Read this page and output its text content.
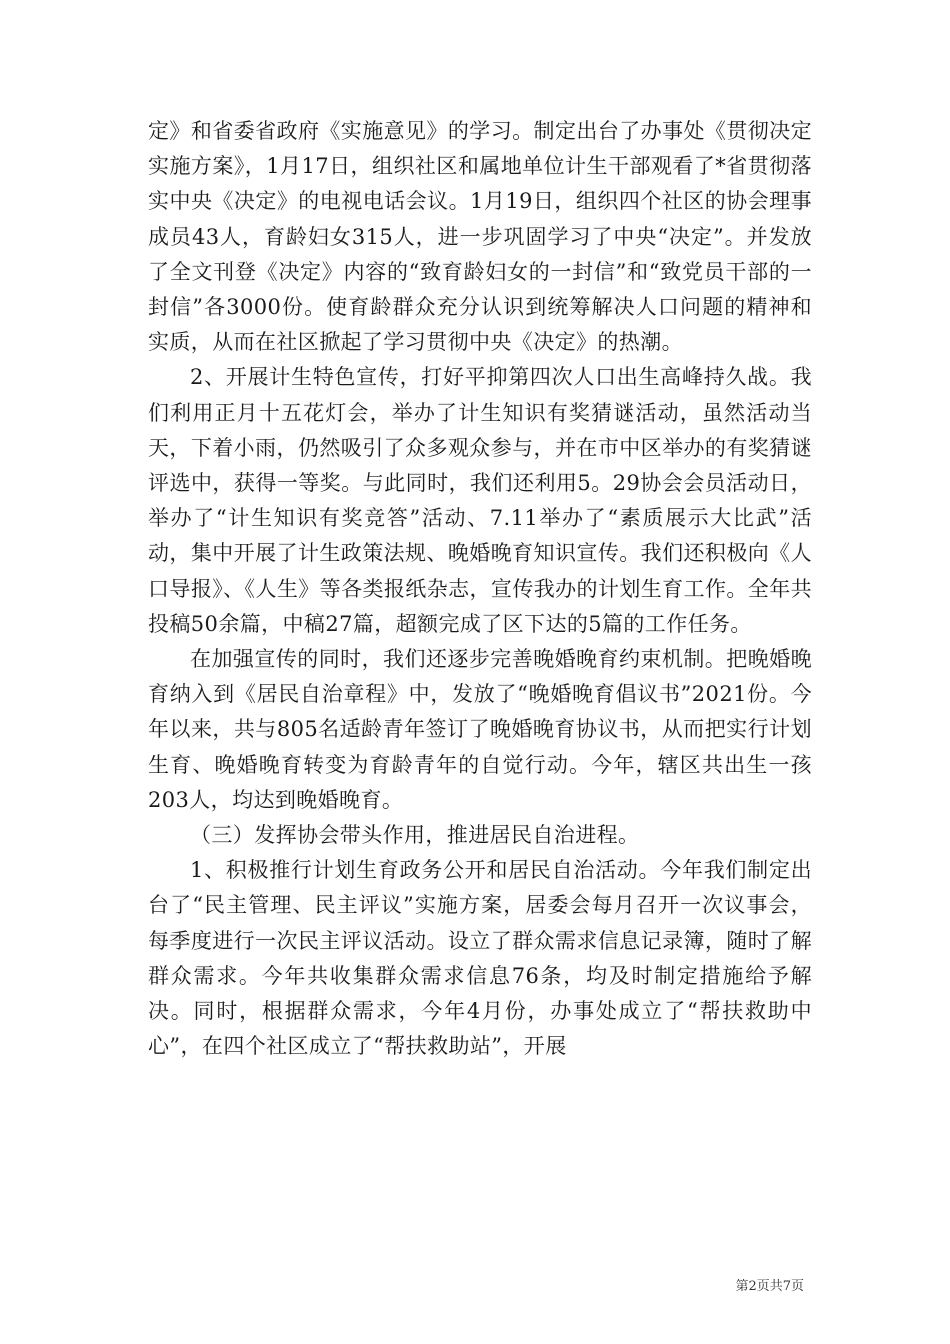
定》和省委省政府《实施意见》的学习。制定出台了办事处《贯彻决定实施方案》，1月17日，组织社区和属地单位计生干部观看了*省贯彻落实中央《决定》的电视电话会议。1月19日，组织四个社区的协会理事成员43人，育龄妇女315人，进一步巩固学习了中央“决定”。并发放了全文刊登《决定》内容的“致育龄妇女的一封信”和“致党员干部的一封信”各3000份。使育龄群众充分认识到统筹解决人口问题的精神和实质，从而在社区掀起了学习贯彻中央《决定》的热潮。

2、开展计生特色宣传，打好平抑第四次人口出生高峰持久战。我们利用正月十五花灯会，举办了计生知识有奖猜谜活动，虽然活动当天，下着小雨，仍然吸引了众多观众参与，并在市中区举办的有奖猜谜评选中，获得一等奖。与此同时，我们还利用5。29协会会员活动日，举办了“计生知识有奖竞答”活动、7.11举办了“素质展示大比武”活动，集中开展了计生政策法规、晚婚晚育知识宣传。我们还积极向《人口导报》、《人生》等各类报纸杂志，宣传我办的计划生育工作。全年共投稿50余篇，中稿27篇，超额完成了区下达的5篇的工作任务。

在加强宣传的同时，我们还逐步完善晚婚晚育约束机制。把晚婚晚育纳入到《居民自治章程》中，发放了“晚婚晚育倡议书”2021份。今年以来，共与805名适龄青年签订了晚婚晚育协议书，从而把实行计划生育、晚婚晚育转变为育龄青年的自觉行动。今年，辖区共出生一孩203人，均达到晚婚晚育。

（三）发挥协会带头作用，推进居民自治进程。

1、积极推行计划生育政务公开和居民自治活动。今年我们制定出台了“民主管理、民主评议”实施方案，居委会每月召开一次议事会，每季度进行一次民主评议活动。设立了群众需求信息记录簿，随时了解群众需求。今年共收集群众需求信息76条，均及时制定措施给予解决。同时，根据群众需求，今年4月份，办事处成立了“帮扶救助中心”，在四个社区成立了“帮扶救助站”，开展

第2页共7页
